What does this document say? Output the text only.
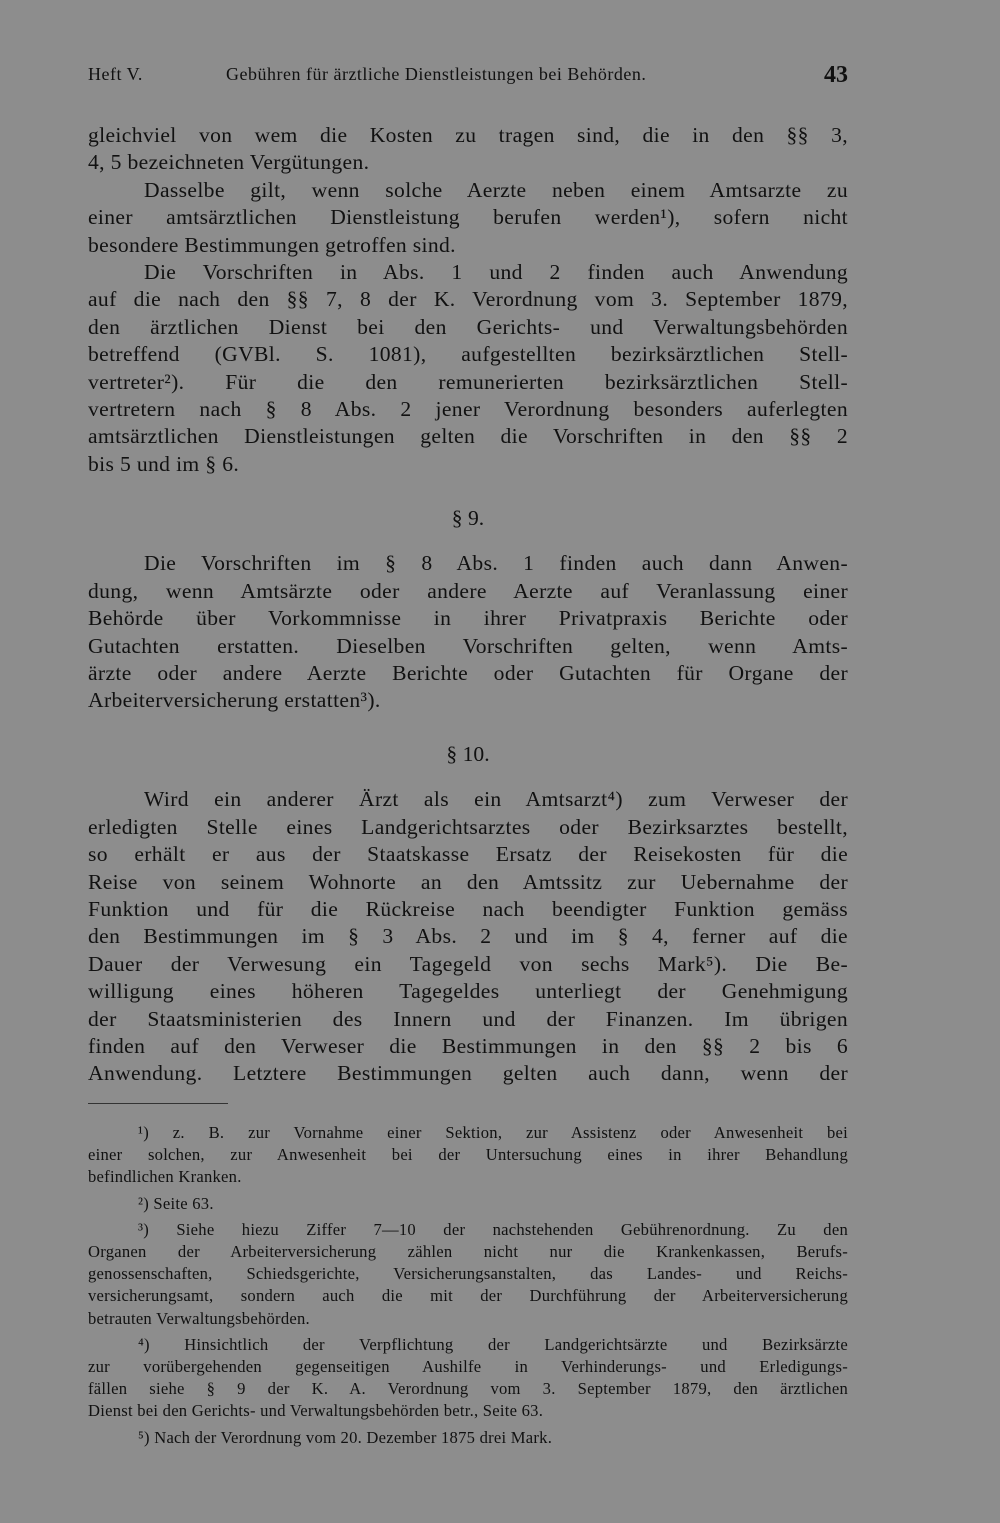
Heft V.	Gebühren für ärztliche Dienstleistungen bei Behörden.	43

gleichviel von wem die Kosten zu tragen sind, die in den §§ 3,

4, 5 bezeichneten Vergütungen.

Dasselbe gilt, wenn solche Aerzte neben einem Amtsarzte zu

einer amtsärztlichen Dienstleistung berufen werden¹), sofern nicht

besondere Bestimmungen getroffen sind.

Die Vorschriften in Abs. 1 und 2 finden auch Anwendung

auf die nach den §§ 7, 8 der K. Verordnung vom 3. September 1879,

den ärztlichen Dienst bei den Gerichts- und Verwaltungsbehörden

betreffend (GVBl. S. 1081), aufgestellten bezirksärztlichen Stell-

vertreter²). Für die den remunerierten bezirksärztlichen Stell-

vertretern nach § 8 Abs. 2 jener Verordnung besonders auferlegten

amtsärztlichen Dienstleistungen gelten die Vorschriften in den §§ 2

bis 5 und im § 6.

§ 9.

Die Vorschriften im § 8 Abs. 1 finden auch dann Anwen-

dung, wenn Amtsärzte oder andere Aerzte auf Veranlassung einer

Behörde über Vorkommnisse in ihrer Privatpraxis Berichte oder

Gutachten erstatten. Dieselben Vorschriften gelten, wenn Amts-

ärzte oder andere Aerzte Berichte oder Gutachten für Organe der

Arbeiterversicherung erstatten³).

§ 10.

Wird ein anderer Ärzt als ein Amtsarzt⁴) zum Verweser der

erledigten Stelle eines Landgerichtsarztes oder Bezirksarztes bestellt,

so erhält er aus der Staatskasse Ersatz der Reisekosten für die

Reise von seinem Wohnorte an den Amtssitz zur Uebernahme der

Funktion und für die Rückreise nach beendigter Funktion gemäss

den Bestimmungen im § 3 Abs. 2 und im § 4, ferner auf die

Dauer der Verwesung ein Tagegeld von sechs Mark⁵). Die Be-

willigung eines höheren Tagegeldes unterliegt der Genehmigung

der Staatsministerien des Innern und der Finanzen. Im übrigen

finden auf den Verweser die Bestimmungen in den §§ 2 bis 6

Anwendung. Letztere Bestimmungen gelten auch dann, wenn der

¹) z. B. zur Vornahme einer Sektion, zur Assistenz oder Anwesenheit bei

einer solchen, zur Anwesenheit bei der Untersuchung eines in ihrer Behandlung

befindlichen Kranken.

²) Seite 63.

³) Siehe hiezu Ziffer 7—10 der nachstehenden Gebührenordnung. Zu den

Organen der Arbeiterversicherung zählen nicht nur die Krankenkassen, Berufs-

genossenschaften, Schiedsgerichte, Versicherungsanstalten, das Landes- und Reichs-

versicherungsamt, sondern auch die mit der Durchführung der Arbeiterversicherung

betrauten Verwaltungsbehörden.

⁴) Hinsichtlich der Verpflichtung der Landgerichtsärzte und Bezirksärzte

zur vorübergehenden gegenseitigen Aushilfe in Verhinderungs- und Erledigungs-

fällen siehe § 9 der K. A. Verordnung vom 3. September 1879, den ärztlichen

Dienst bei den Gerichts- und Verwaltungsbehörden betr., Seite 63.

⁵) Nach der Verordnung vom 20. Dezember 1875 drei Mark.
